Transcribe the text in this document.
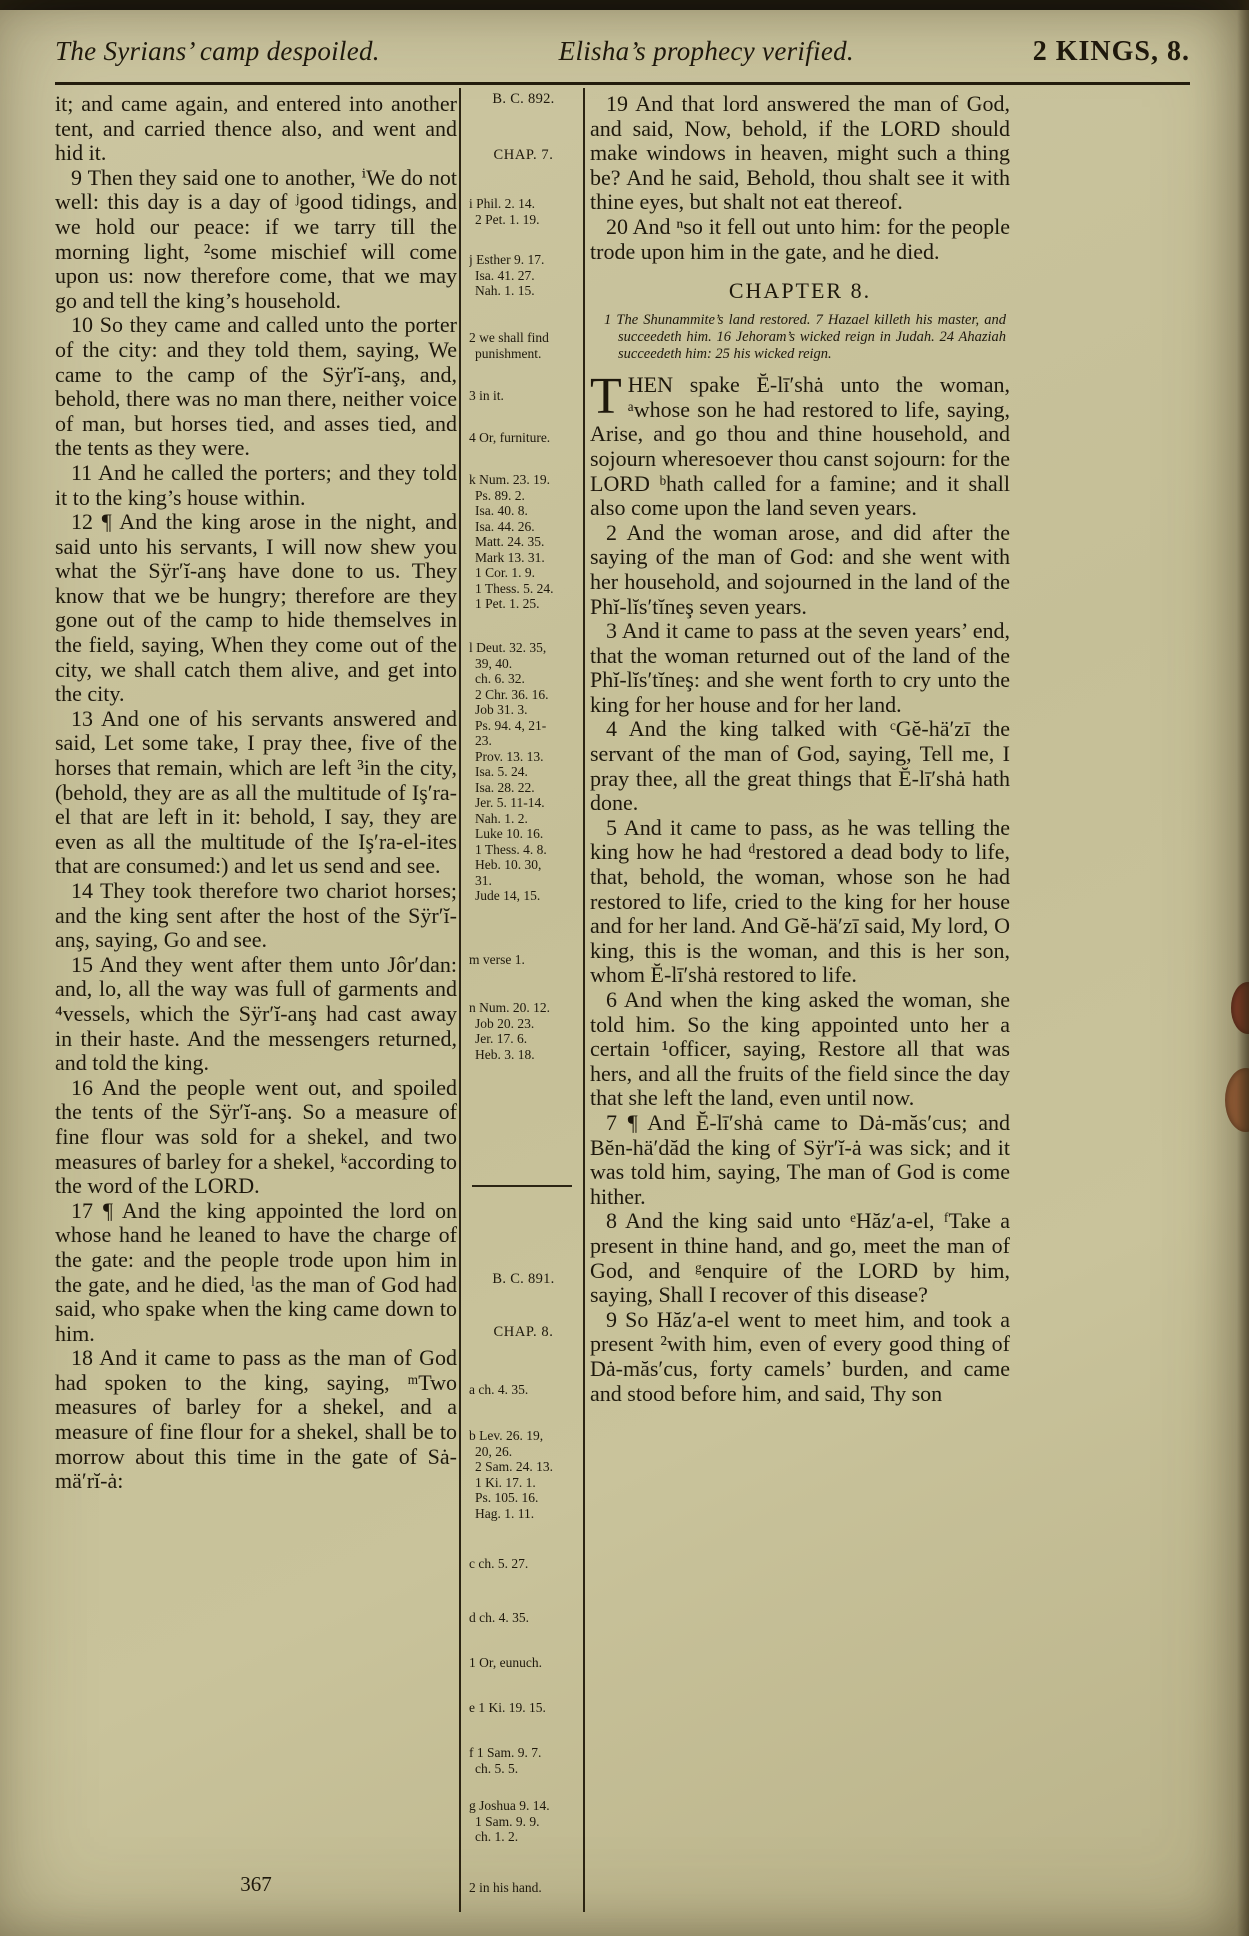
The Syrians’ camp despoiled.	Elisha’s prophecy verified.	2 KINGS, 8.

it; and came again, and entered into another tent, and carried thence also, and went and hid it.

9 Then they said one to another, ⁱWe do not well: this day is a day of ʲgood tidings, and we hold our peace: if we tarry till the morning light, ²some mischief will come upon us: now therefore come, that we may go and tell the king’s household.

10 So they came and called unto the porter of the city: and they told them, saying, We came to the camp of the Sÿr′ĭ-anş, and, behold, there was no man there, neither voice of man, but horses tied, and asses tied, and the tents as they were.

11 And he called the porters; and they told it to the king’s house within.

12 ¶ And the king arose in the night, and said unto his servants, I will now shew you what the Sÿr′ĭ-anş have done to us. They know that we be hungry; therefore are they gone out of the camp to hide themselves in the field, saying, When they come out of the city, we shall catch them alive, and get into the city.

13 And one of his servants answered and said, Let some take, I pray thee, five of the horses that remain, which are left ³in the city, (behold, they are as all the multitude of Iş′ra-el that are left in it: behold, I say, they are even as all the multitude of the Iş′ra-el-ites that are consumed:) and let us send and see.

14 They took therefore two chariot horses; and the king sent after the host of the Sÿr′ĭ-anş, saying, Go and see.

15 And they went after them unto Jôr′dan: and, lo, all the way was full of garments and ⁴vessels, which the Sÿr′ĭ-anş had cast away in their haste. And the messengers returned, and told the king.

16 And the people went out, and spoiled the tents of the Sÿr′ĭ-anş. So a measure of fine flour was sold for a shekel, and two measures of barley for a shekel, ᵏaccording to the word of the LORD.

17 ¶ And the king appointed the lord on whose hand he leaned to have the charge of the gate: and the people trode upon him in the gate, and he died, ˡas the man of God had said, who spake when the king came down to him.

18 And it came to pass as the man of God had spoken to the king, saying, ᵐTwo measures of barley for a shekel, and a measure of fine flour for a shekel, shall be to morrow about this time in the gate of Sȧ-mä′rĭ-ȧ:

B. C. 892.
CHAP. 7.
i Phil. 2. 14.
2 Pet. 1. 19.
j Esther 9. 17.
Isa. 41. 27.
Nah. 1. 15.
2 we shall find
punishment.
3 in it.
4 Or, furniture.
k Num. 23. 19.
Ps. 89. 2.
Isa. 40. 8.
Isa. 44. 26.
Matt. 24. 35.
Mark 13. 31.
1 Cor. 1. 9.
1 Thess. 5. 24.
1 Pet. 1. 25.
l Deut. 32. 35,
39, 40.
ch. 6. 32.
2 Chr. 36. 16.
Job 31. 3.
Ps. 94. 4, 21-
23.
Prov. 13. 13.
Isa. 5. 24.
Isa. 28. 22.
Jer. 5. 11-14.
Nah. 1. 2.
Luke 10. 16.
1 Thess. 4. 8.
Heb. 10. 30,
31.
Jude 14, 15.
m verse 1.
n Num. 20. 12.
Job 20. 23.
Jer. 17. 6.
Heb. 3. 18.
B. C. 891.
CHAP. 8.
a ch. 4. 35.
b Lev. 26. 19,
20, 26.
2 Sam. 24. 13.
1 Ki. 17. 1.
Ps. 105. 16.
Hag. 1. 11.
c ch. 5. 27.
d ch. 4. 35.
1 Or, eunuch.
e 1 Ki. 19. 15.
f 1 Sam. 9. 7.
ch. 5. 5.
g Joshua 9. 14.
1 Sam. 9. 9.
ch. 1. 2.
2 in his hand.

19 And that lord answered the man of God, and said, Now, behold, if the LORD should make windows in heaven, might such a thing be? And he said, Behold, thou shalt see it with thine eyes, but shalt not eat thereof.

20 And ⁿso it fell out unto him: for the people trode upon him in the gate, and he died.

CHAPTER 8.

1 The Shunammite’s land restored. 7 Hazael killeth his master, and succeedeth him. 16 Jehoram’s wicked reign in Judah. 24 Ahaziah succeedeth him: 25 his wicked reign.

THEN spake Ĕ-lī′shȧ unto the woman, ᵃwhose son he had restored to life, saying, Arise, and go thou and thine household, and sojourn wheresoever thou canst sojourn: for the LORD ᵇhath called for a famine; and it shall also come upon the land seven years.

2 And the woman arose, and did after the saying of the man of God: and she went with her household, and sojourned in the land of the Phĭ-lĭs′tĭneş seven years.

3 And it came to pass at the seven years’ end, that the woman returned out of the land of the Phĭ-lĭs′tĭneş: and she went forth to cry unto the king for her house and for her land.

4 And the king talked with ᶜGĕ-hä′zī the servant of the man of God, saying, Tell me, I pray thee, all the great things that Ĕ-lī′shȧ hath done.

5 And it came to pass, as he was telling the king how he had ᵈrestored a dead body to life, that, behold, the woman, whose son he had restored to life, cried to the king for her house and for her land. And Gĕ-hä′zī said, My lord, O king, this is the woman, and this is her son, whom Ĕ-lī′shȧ restored to life.

6 And when the king asked the woman, she told him. So the king appointed unto her a certain ¹officer, saying, Restore all that was hers, and all the fruits of the field since the day that she left the land, even until now.

7 ¶ And Ĕ-lī′shȧ came to Dȧ-măs′cus; and Bĕn-hä′dăd the king of Sÿr′ĭ-ȧ was sick; and it was told him, saying, The man of God is come hither.

8 And the king said unto ᵉHăz′a-el, ᶠTake a present in thine hand, and go, meet the man of God, and ᵍenquire of the LORD by him, saying, Shall I recover of this disease?

9 So Hăz′a-el went to meet him, and took a present ²with him, even of every good thing of Dȧ-măs′cus, forty camels’ burden, and came and stood before him, and said, Thy son

367
